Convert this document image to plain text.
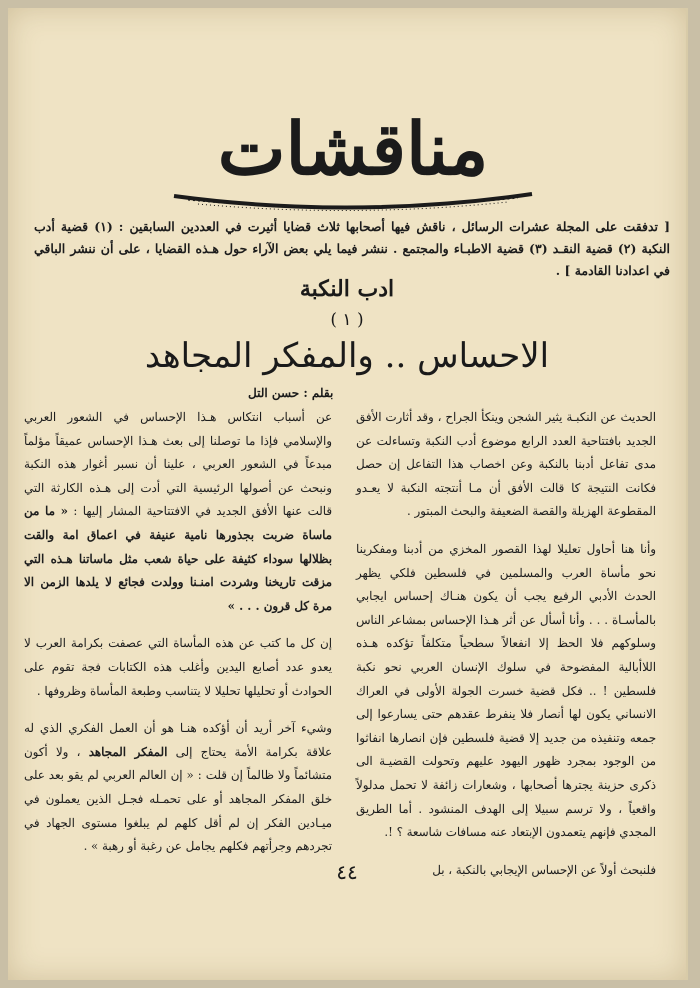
مناقشات
[ تدفقت على المجلة عشرات الرسائل ، ناقش فيها أصحابها ثلاث قضايا أثيرت في العددين السابقين : (١) قضية أدب النكبة (٢) قضية النقـد (٣) قضية الاطبـاء والمجتمع . ننشر فيما يلي بعض الآراء حول هـذه القضايا ، على أن ننشر الباقي في اعدادنا القادمة ] .
ادب النكبة
( ١ )
الاحساس .. والمفكر المجاهد
بقلم : حسن التل

الحديث عن النكبـة يثير الشجن وينكأ الجراح ، وقد أثارت الأفق الجديد بافتتاحية العدد الرابع موضوع أدب النكبة وتساءلت عن مدى تفاعل أدبنا بالنكبة وعن اخصاب هذا التفاعل إن حصل فكانت النتيجة كا قالت الأفق أن مـا أنتجته النكبة لا يعـدو المقطوعة الهزيلة والقصة الضعيفة والبحث المبتور .

وأنا هنا أحاول تعليلا لهذا القصور المخزي من أدبنا ومفكرينا نحو مأساة العرب والمسلمين في فلسطين فلكي يظهر الحدث الأدبي الرفيع يجب أن يكون هنـاك إحساس ايجابي بالمأسـاة . . . وأنا أسأل عن أثر هـذا الإحساس بمشاعر الناس وسلوكهم فلا الحظ إلا انفعالاً سطحياً متكلفاً تؤكده هـذه اللاأبالية المفضوحة في سلوك الإنسان العربي نحو نكبة فلسطين ! .. فكل قضية خسرت الجولة الأولى في العراك الانساني يكون لها أنصار فلا ينفرط عقدهم حتى يسارعوا إلى جمعه وتنفيذه من جديد إلا قضية فلسطين فإن انصارها انفاثوا من الوجود بمجرد ظهور اليهود عليهم وتحولت القضيـة الى ذكرى حزينة يجترها أصحابها ، وشعارات زائفة لا تحمل مدلولاً واقعياً ، ولا ترسم سبيلا إلى الهدف المنشود . أما الطريق المجدي فإنهم يتعمدون الإبتعاد عنه مسافات شاسعة ؟ !.

فلنبحث أولاً عن الإحساس الإيجابي بالنكبة ، بل

عن أسباب انتكاس هـذا الإحساس في الشعور العربي والإسلامي فإذا ما توصلنا إلى بعث هـذا الإحساس عميقاً مؤلماً مبدعاً في الشعور العربي ، علينا أن نسبر أغوار هذه النكبة ونبحث عن أصولها الرئيسية التي أدت إلى هـذه الكارثة التي قالت عنها الأفق الجديد في الافتتاحية المشار إليها : « ما من ماساة ضربت بجذورها نامية عنيفة في اعماق امة والقت بظلالها سوداء كثيفة على حياة شعب مثل ماساتنا هـذه التي مزقت تاريخنا وشردت امنـنا وولدت فجائع لا يلدها الزمن الا مرة كل قرون . . . »

إن كل ما كتب عن هذه المأساة التي عصفت بكرامة العرب لا يعدو عدد أصابع اليدين وأغلب هذه الكتابات فجة تقوم على الحوادث أو تحليلها تحليلا لا يتناسب وطبعة المأساة وظروفها .

وشيء آخر أريد أن أؤكده هنـا هو أن العمل الفكري الذي له علاقة بكرامة الأمة يحتاج إلى المفكر المجاهد ، ولا أكون متشائماً ولا ظالماً إن قلت : « إن العالم العربي لم يقو بعد على خلق المفكر المجاهد أو على تحمـله فجـل الذين يعملون في ميـادين الفكر إن لم أقل كلهم لم يبلغوا مستوى الجهاد في تجردهم وجرأتهم فكلهم يجامل عن رغبة أو رهبة » .

٤٤
